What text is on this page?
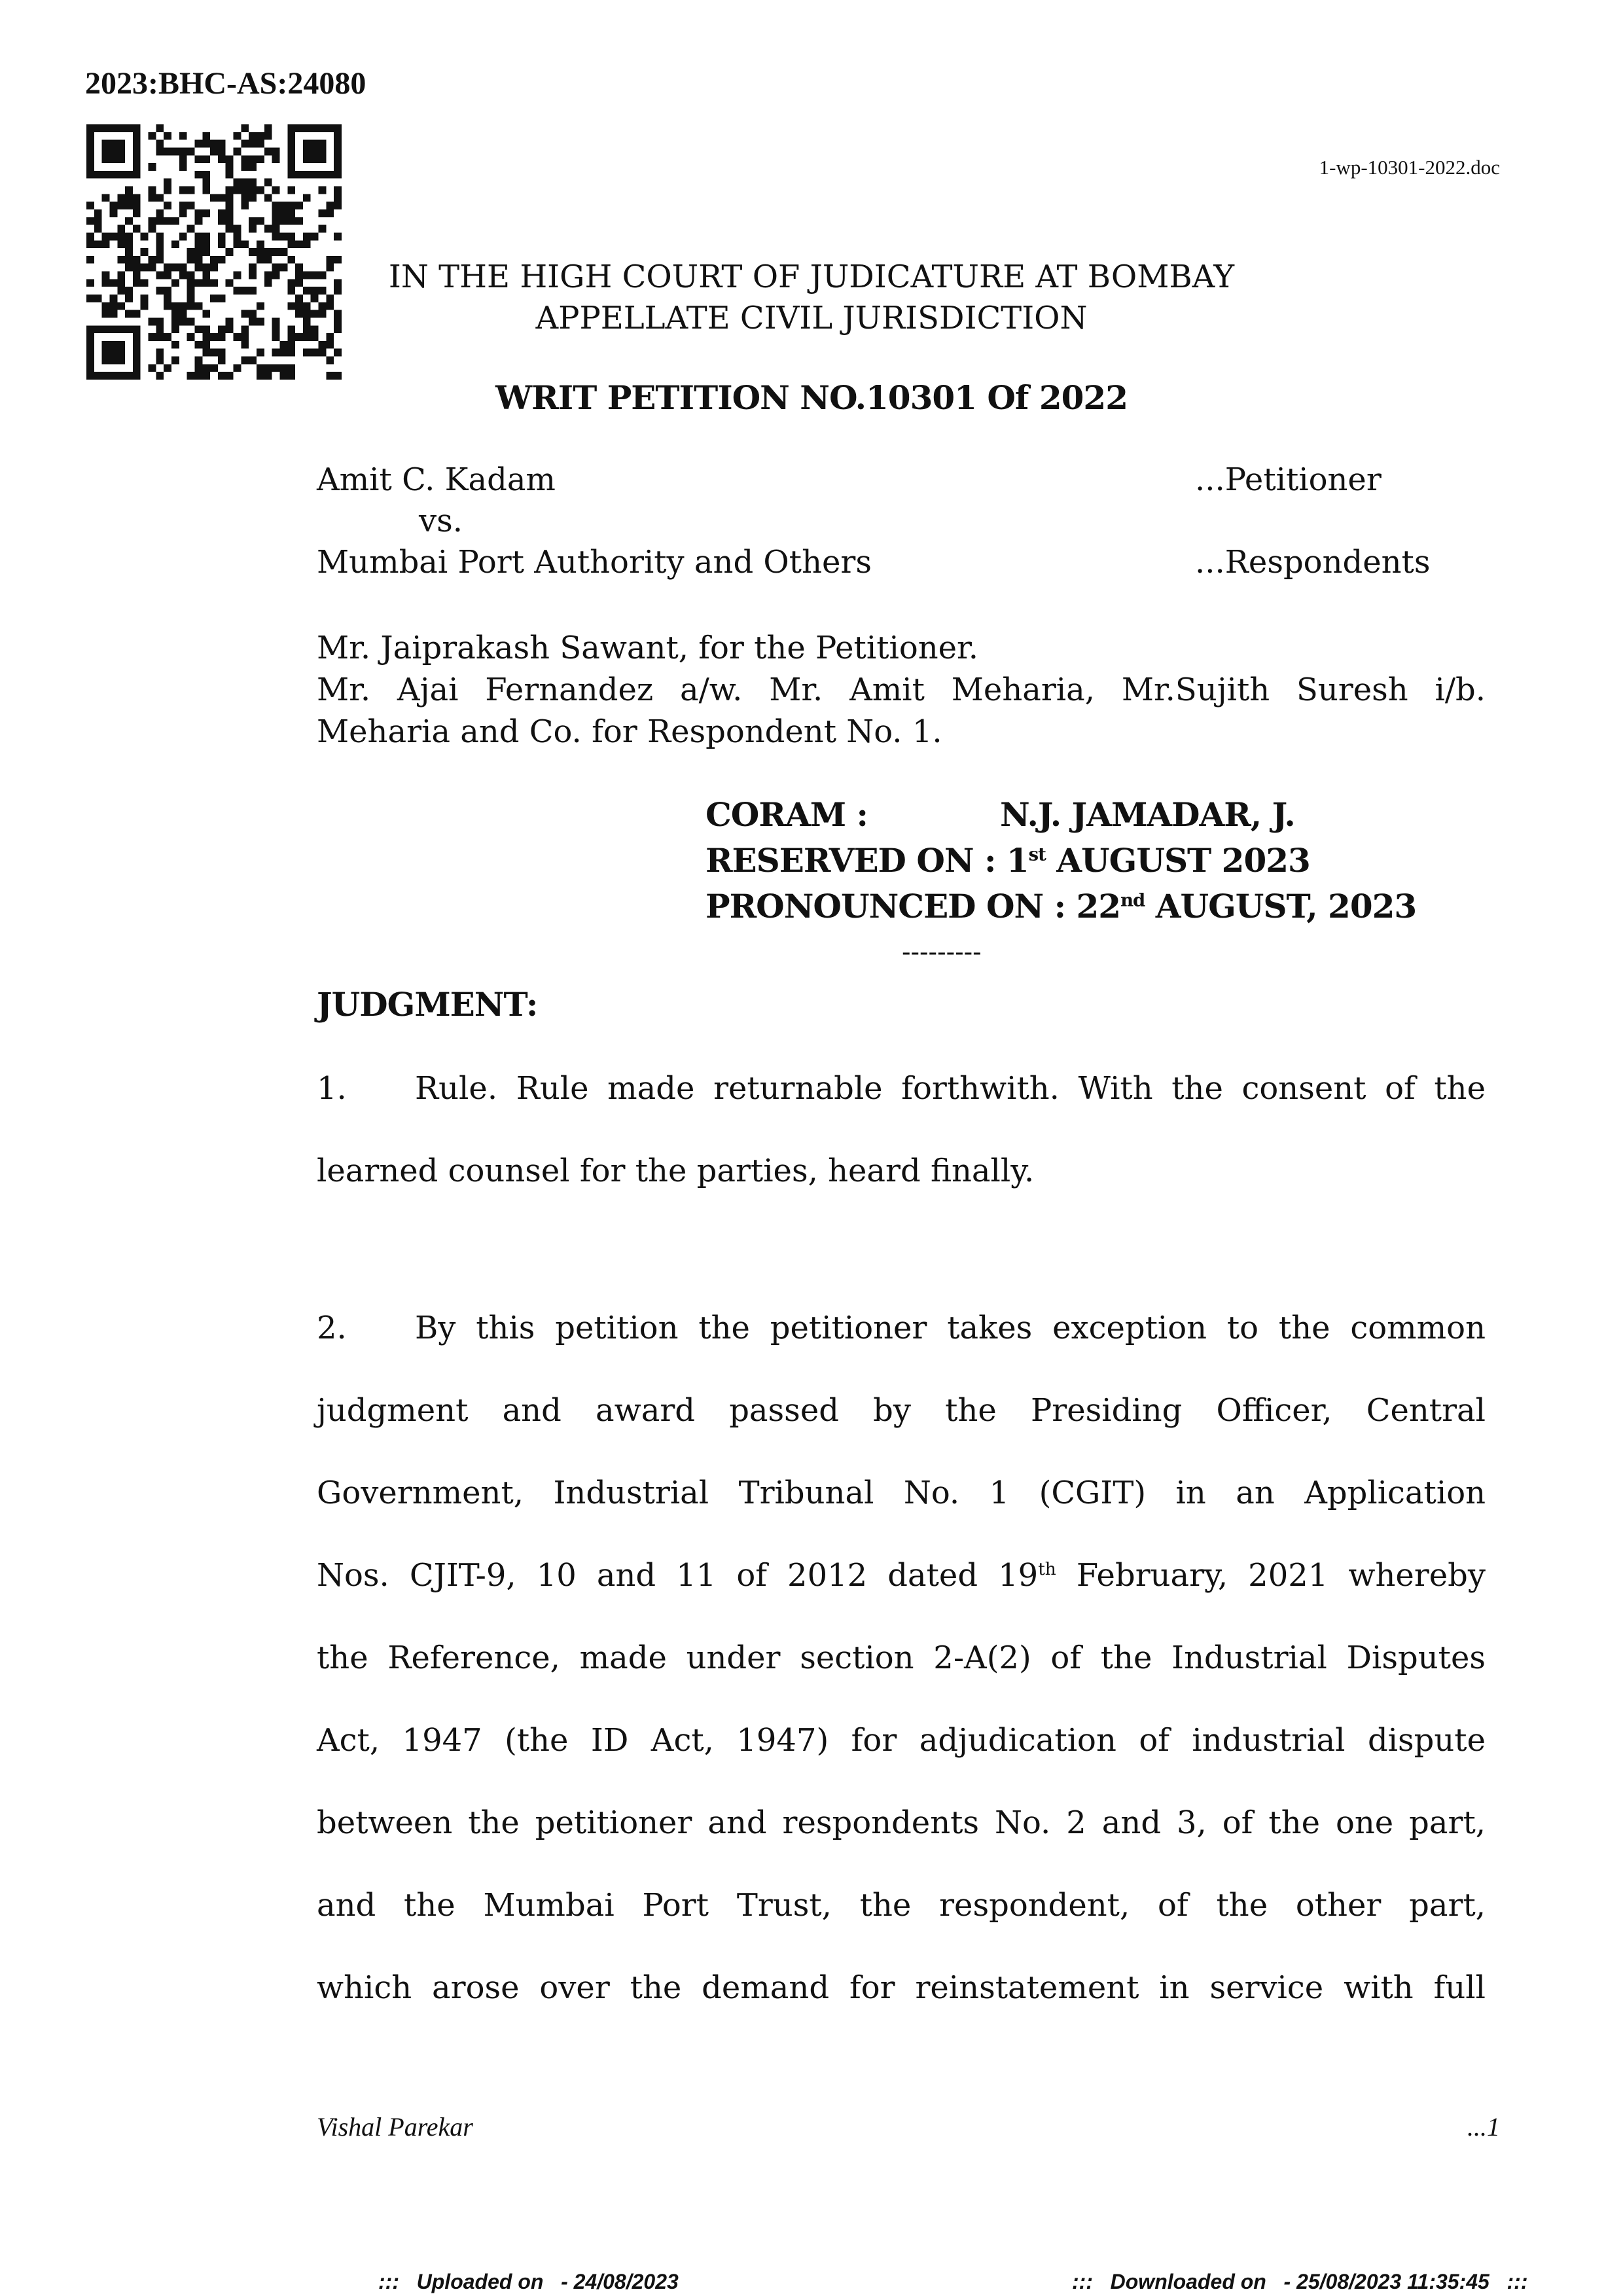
2023:BHC-AS:24080
1-wp-10301-2022.doc
IN THE HIGH COURT OF JUDICATURE AT BOMBAY
APPELLATE CIVIL JURISDICTION
WRIT PETITION NO.10301 Of 2022
Amit C. Kadam	...Petitioner
vs.
Mumbai Port Authority and Others	...Respondents
Mr. Jaiprakash Sawant, for the Petitioner.
Mr. Ajai Fernandez a/w. Mr. Amit Meharia, Mr.Sujith Suresh i/b.
Meharia and Co. for Respondent No. 1.
CORAM :	N.J. JAMADAR, J.
RESERVED ON : 1st AUGUST 2023
PRONOUNCED ON : 22nd AUGUST, 2023
---------
JUDGMENT:
1. Rule. Rule made returnable forthwith. With the consent of the
learned counsel for the parties, heard finally.
2. By this petition the petitioner takes exception to the common
judgment and award passed by the Presiding Officer, Central
Government, Industrial Tribunal No. 1 (CGIT) in an Application
Nos. CJIT-9, 10 and 11 of 2012 dated 19th February, 2021 whereby
the Reference, made under section 2-A(2) of the Industrial Disputes
Act, 1947 (the ID Act, 1947) for adjudication of industrial dispute
between the petitioner and respondents No. 2 and 3, of the one part,
and the Mumbai Port Trust, the respondent, of the other part,
which arose over the demand for reinstatement in service with full
Vishal Parekar	...1
:::   Uploaded on   - 24/08/2023	:::   Downloaded on   - 25/08/2023 11:35:45   :::
